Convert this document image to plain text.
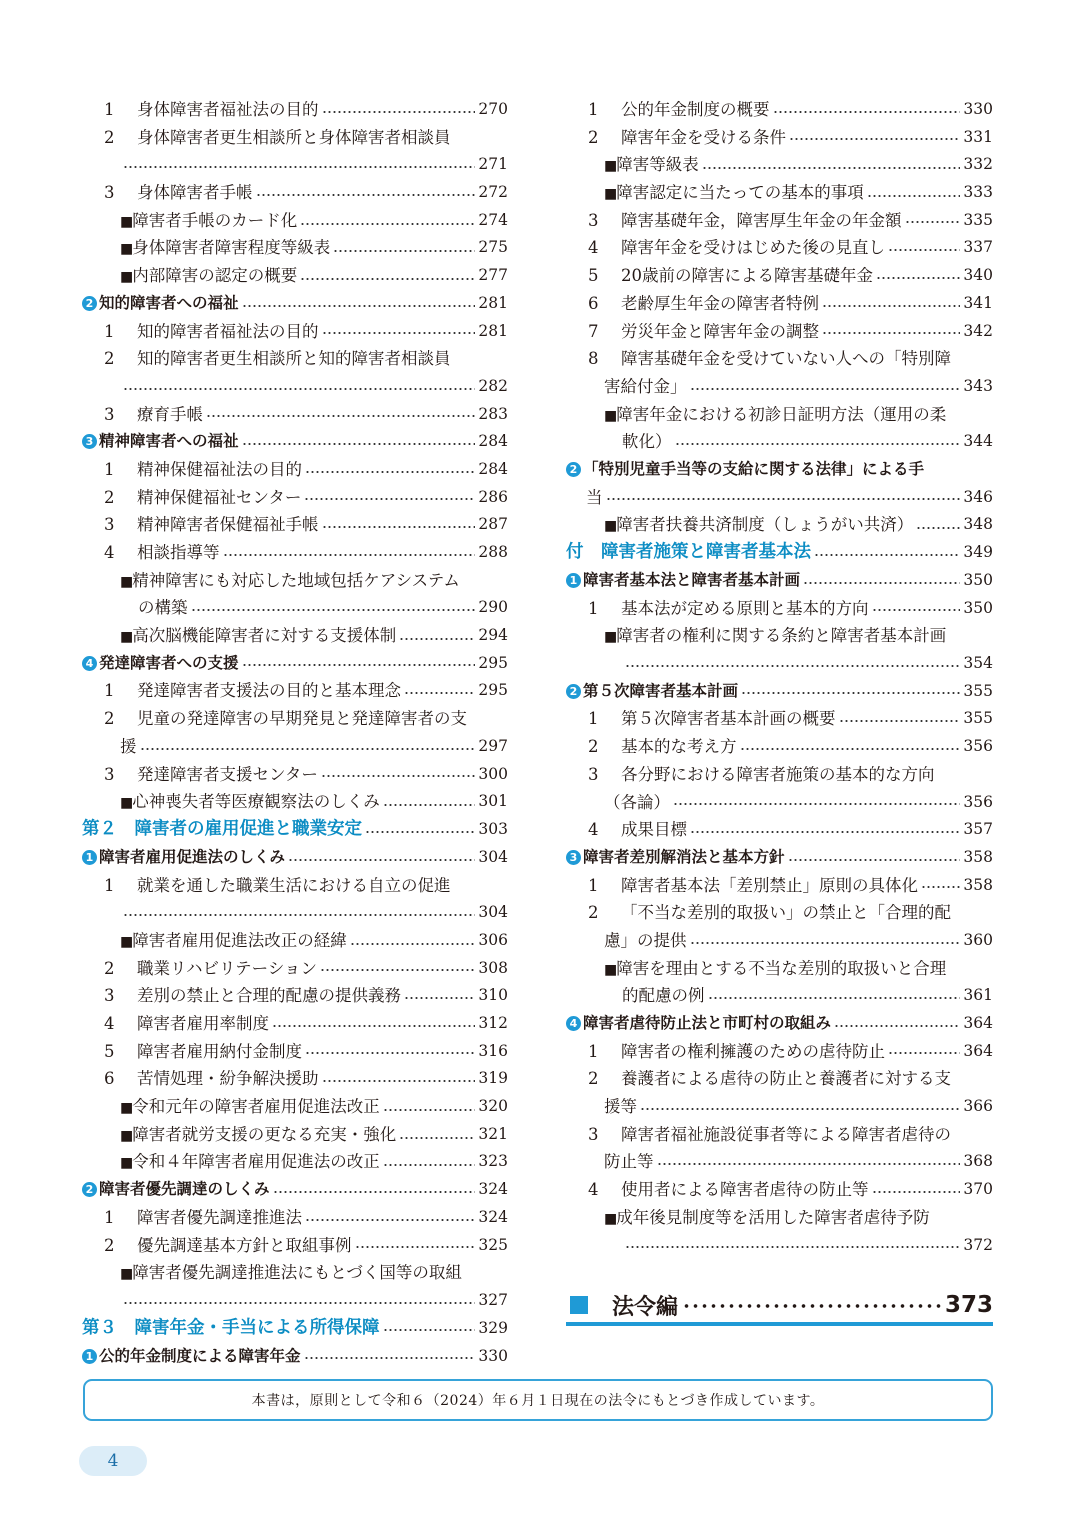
1 身体障害者福祉法の目的	270
2 身体障害者更生相談所と身体障害者相談員
271
3 身体障害者手帳	272
■障害者手帳のカード化	274
■身体障害者障害程度等級表	275
■内部障害の認定の概要	277
2 知的障害者への福祉	281
1 知的障害者福祉法の目的	281
2 知的障害者更生相談所と知的障害者相談員
282
3 療育手帳	283
3 精神障害者への福祉	284
1 精神保健福祉法の目的	284
2 精神保健福祉センター	286
3 精神障害者保健福祉手帳	287
4 相談指導等	288
■精神障害にも対応した地域包括ケアシステム
の構築	290
■高次脳機能障害者に対する支援体制	294
4 発達障害者への支援	295
1 発達障害者支援法の目的と基本理念	295
2 児童の発達障害の早期発見と発達障害者の支
援	297
3 発達障害者支援センター	300
■心神喪失者等医療観察法のしくみ	301
第２　障害者の雇用促進と職業安定	303
1 障害者雇用促進法のしくみ	304
1 就業を通した職業生活における自立の促進
304
■障害者雇用促進法改正の経緯	306
2 職業リハビリテーション	308
3 差別の禁止と合理的配慮の提供義務	310
4 障害者雇用率制度	312
5 障害者雇用納付金制度	316
6 苦情処理・紛争解決援助	319
■令和元年の障害者雇用促進法改正	320
■障害者就労支援の更なる充実・強化	321
■令和４年障害者雇用促進法の改正	323
2 障害者優先調達のしくみ	324
1 障害者優先調達推進法	324
2 優先調達基本方針と取組事例	325
■障害者優先調達推進法にもとづく国等の取組
327
第３　障害年金・手当による所得保障	329
1 公的年金制度による障害年金	330
1 公的年金制度の概要	330
2 障害年金を受ける条件	331
■障害等級表	332
■障害認定に当たっての基本的事項	333
3 障害基礎年金，障害厚生年金の年金額	335
4 障害年金を受けはじめた後の見直し	337
5 20歳前の障害による障害基礎年金	340
6 老齢厚生年金の障害者特例	341
7 労災年金と障害年金の調整	342
8 障害基礎年金を受けていない人への「特別障
害給付金」	343
■障害年金における初診日証明方法（運用の柔
軟化）	344
2 「特別児童手当等の支給に関する法律」による手
当	346
■障害者扶養共済制度（しょうがい共済）	348
付　障害者施策と障害者基本法	349
1 障害者基本法と障害者基本計画	350
1 基本法が定める原則と基本的方向	350
■障害者の権利に関する条約と障害者基本計画
354
2 第５次障害者基本計画	355
1 第５次障害者基本計画の概要	355
2 基本的な考え方	356
3 各分野における障害者施策の基本的な方向
（各論）	356
4 成果目標	357
3 障害者差別解消法と基本方針	358
1 障害者基本法「差別禁止」原則の具体化	358
2 「不当な差別的取扱い」の禁止と「合理的配
慮」の提供	360
■障害を理由とする不当な差別的取扱いと合理
的配慮の例	361
4 障害者虐待防止法と市町村の取組み	364
1 障害者の権利擁護のための虐待防止	364
2 養護者による虐待の防止と養護者に対する支
援等	366
3 障害者福祉施設従事者等による障害者虐待の
防止等	368
4 使用者による障害者虐待の防止等	370
■成年後見制度等を活用した障害者虐待予防
372
法令編	373
本書は，原則として令和６（2024）年６月１日現在の法令にもとづき作成しています。
4
